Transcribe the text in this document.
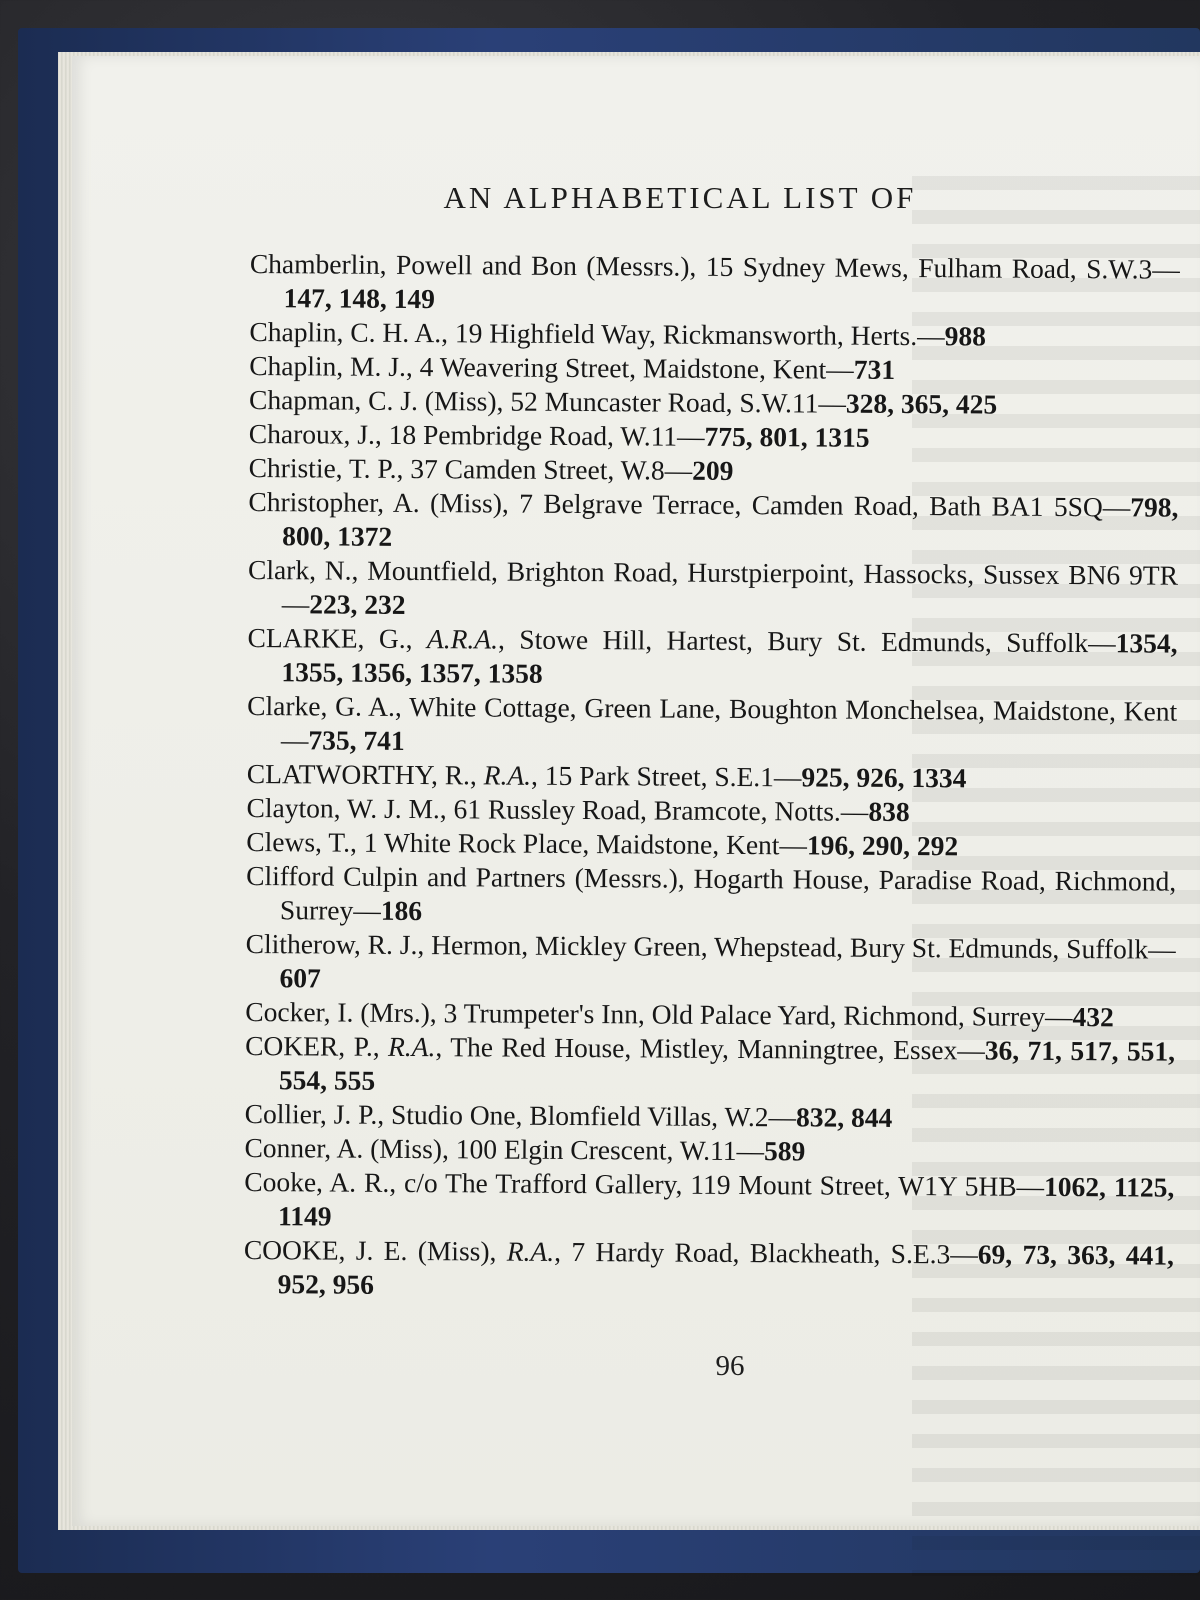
AN ALPHABETICAL LIST OF
Chamberlin, Powell and Bon (Messrs.), 15 Sydney Mews, Fulham Road, S.W.3—147, 148, 149
Chaplin, C. H. A., 19 Highfield Way, Rickmansworth, Herts.—988
Chaplin, M. J., 4 Weavering Street, Maidstone, Kent—731
Chapman, C. J. (Miss), 52 Muncaster Road, S.W.11—328, 365, 425
Charoux, J., 18 Pembridge Road, W.11—775, 801, 1315
Christie, T. P., 37 Camden Street, W.8—209
Christopher, A. (Miss), 7 Belgrave Terrace, Camden Road, Bath BA1 5SQ—798, 800, 1372
Clark, N., Mountfield, Brighton Road, Hurstpierpoint, Hassocks, Sussex BN6 9TR—223, 232
CLARKE, G., A.R.A., Stowe Hill, Hartest, Bury St. Edmunds, Suffolk—1354, 1355, 1356, 1357, 1358
Clarke, G. A., White Cottage, Green Lane, Boughton Monchelsea, Maidstone, Kent—735, 741
CLATWORTHY, R., R.A., 15 Park Street, S.E.1—925, 926, 1334
Clayton, W. J. M., 61 Russley Road, Bramcote, Notts.—838
Clews, T., 1 White Rock Place, Maidstone, Kent—196, 290, 292
Clifford Culpin and Partners (Messrs.), Hogarth House, Paradise Road, Richmond, Surrey—186
Clitherow, R. J., Hermon, Mickley Green, Whepstead, Bury St. Edmunds, Suffolk—607
Cocker, I. (Mrs.), 3 Trumpeter's Inn, Old Palace Yard, Richmond, Surrey—432
COKER, P., R.A., The Red House, Mistley, Manningtree, Essex—36, 71, 517, 551, 554, 555
Collier, J. P., Studio One, Blomfield Villas, W.2—832, 844
Conner, A. (Miss), 100 Elgin Crescent, W.11—589
Cooke, A. R., c/o The Trafford Gallery, 119 Mount Street, W1Y 5HB—1062, 1125, 1149
COOKE, J. E. (Miss), R.A., 7 Hardy Road, Blackheath, S.E.3—69, 73, 363, 441, 952, 956
96
